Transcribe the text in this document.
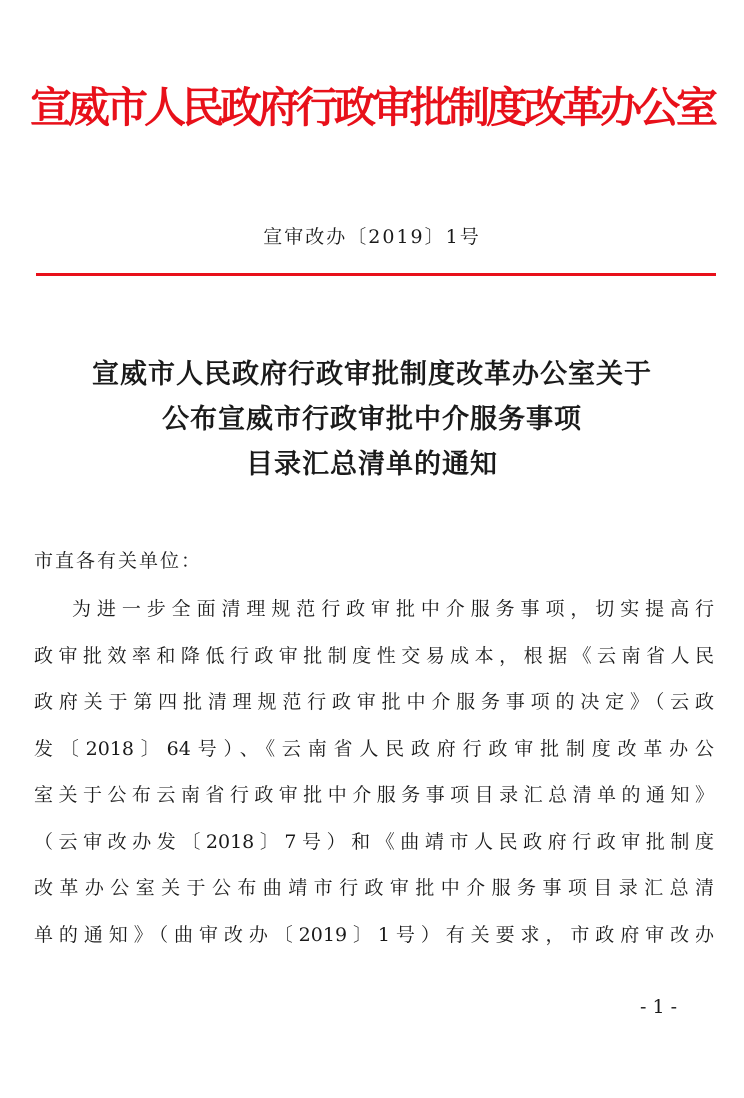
宣威市人民政府行政审批制度改革办公室
宣审改办〔2019〕1号
宣威市人民政府行政审批制度改革办公室关于
公布宣威市行政审批中介服务事项
目录汇总清单的通知
市直各有关单位：
为进一步全面清理规范行政审批中介服务事项，切实提高行
政审批效率和降低行政审批制度性交易成本，根据《云南省人民
政府关于第四批清理规范行政审批中介服务事项的决定》（云政
发〔2018〕64号）、《云南省人民政府行政审批制度改革办公
室关于公布云南省行政审批中介服务事项目录汇总清单的通知》
（云审改办发〔2018〕7号）和《曲靖市人民政府行政审批制度
改革办公室关于公布曲靖市行政审批中介服务事项目录汇总清
单的通知》（曲审改办〔2019〕1号）有关要求，市政府审改办
- 1 -
